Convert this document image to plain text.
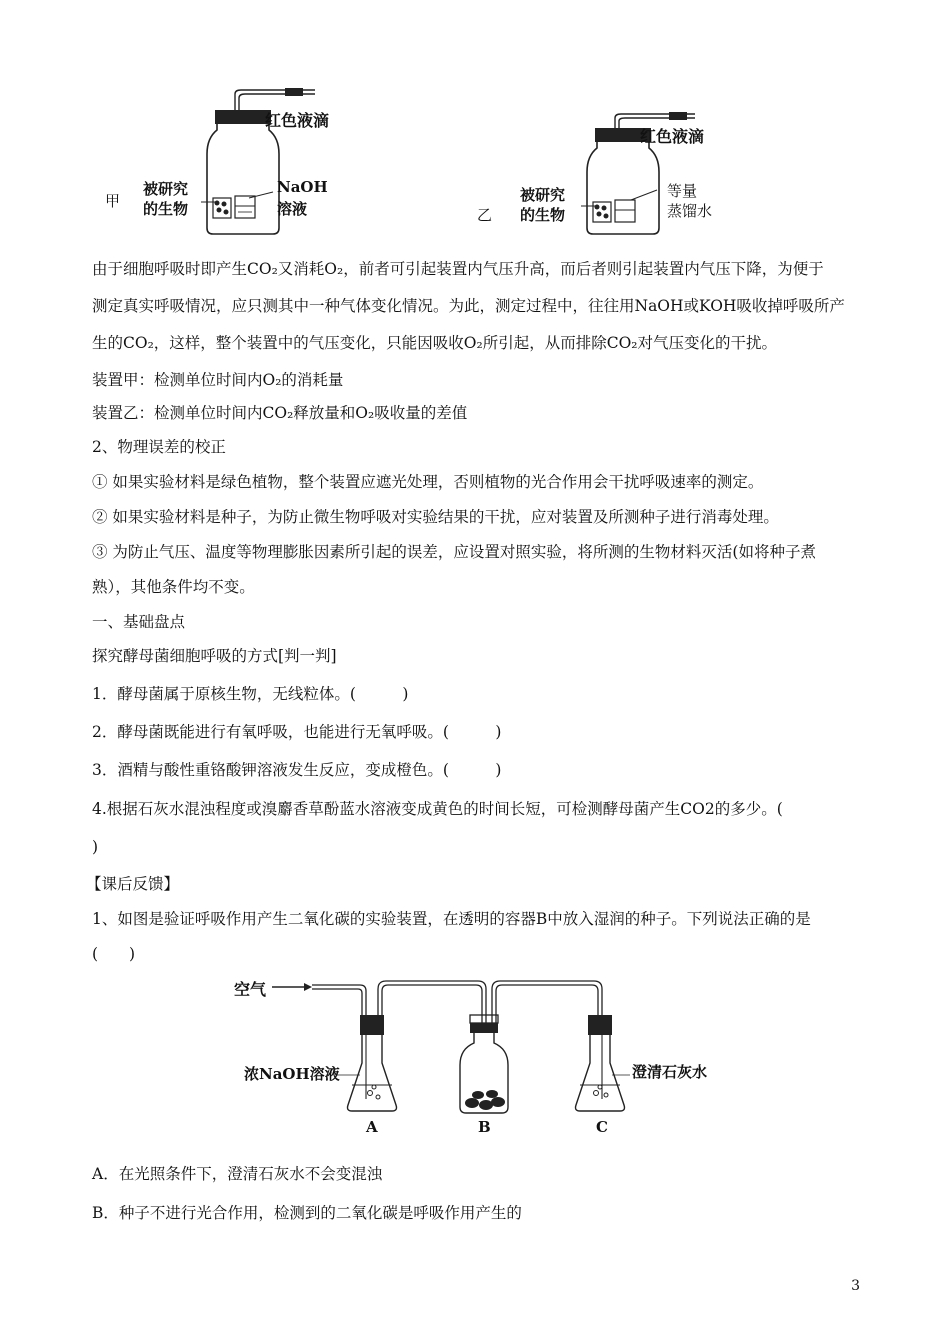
甲
红色液滴
被研究
的生物
NaOH
溶液	乙
红色液滴
被研究
的生物
等量
蒸馏水
由于细胞呼吸时即产生CO₂又消耗O₂，前者可引起装置内气压升高，而后者则引起装置内气压下降，为便于
测定真实呼吸情况，应只测其中一种气体变化情况。为此，测定过程中，往往用NaOH或KOH吸收掉呼吸所产
生的CO₂，这样，整个装置中的气压变化，只能因吸收O₂所引起，从而排除CO₂对气压变化的干扰。
装置甲：检测单位时间内O₂的消耗量
装置乙：检测单位时间内CO₂释放量和O₂吸收量的差值
2、物理误差的校正
① 如果实验材料是绿色植物，整个装置应遮光处理，否则植物的光合作用会干扰呼吸速率的测定。
② 如果实验材料是种子，为防止微生物呼吸对实验结果的干扰，应对装置及所测种子进行消毒处理。
③ 为防止气压、温度等物理膨胀因素所引起的误差，应设置对照实验，将所测的生物材料灭活(如将种子煮
熟），其他条件均不变。
一、基础盘点
探究酵母菌细胞呼吸的方式[判一判]
1．酵母菌属于原核生物，无线粒体。(　　　)
2．酵母菌既能进行有氧呼吸，也能进行无氧呼吸。(　　　)
3．酒精与酸性重铬酸钾溶液发生反应，变成橙色。(　　　)
4.根据石灰水混浊程度或溴麝香草酚蓝水溶液变成黄色的时间长短，可检测酵母菌产生CO2的多少。(
)
【课后反馈】
1、如图是验证呼吸作用产生二氧化碳的实验装置，在透明的容器B中放入湿润的种子。下列说法正确的是
(　　)
空气
浓NaOH溶液	澄清石灰水
A	B	C
A．在光照条件下，澄清石灰水不会变混浊
B．种子不进行光合作用，检测到的二氧化碳是呼吸作用产生的
3
